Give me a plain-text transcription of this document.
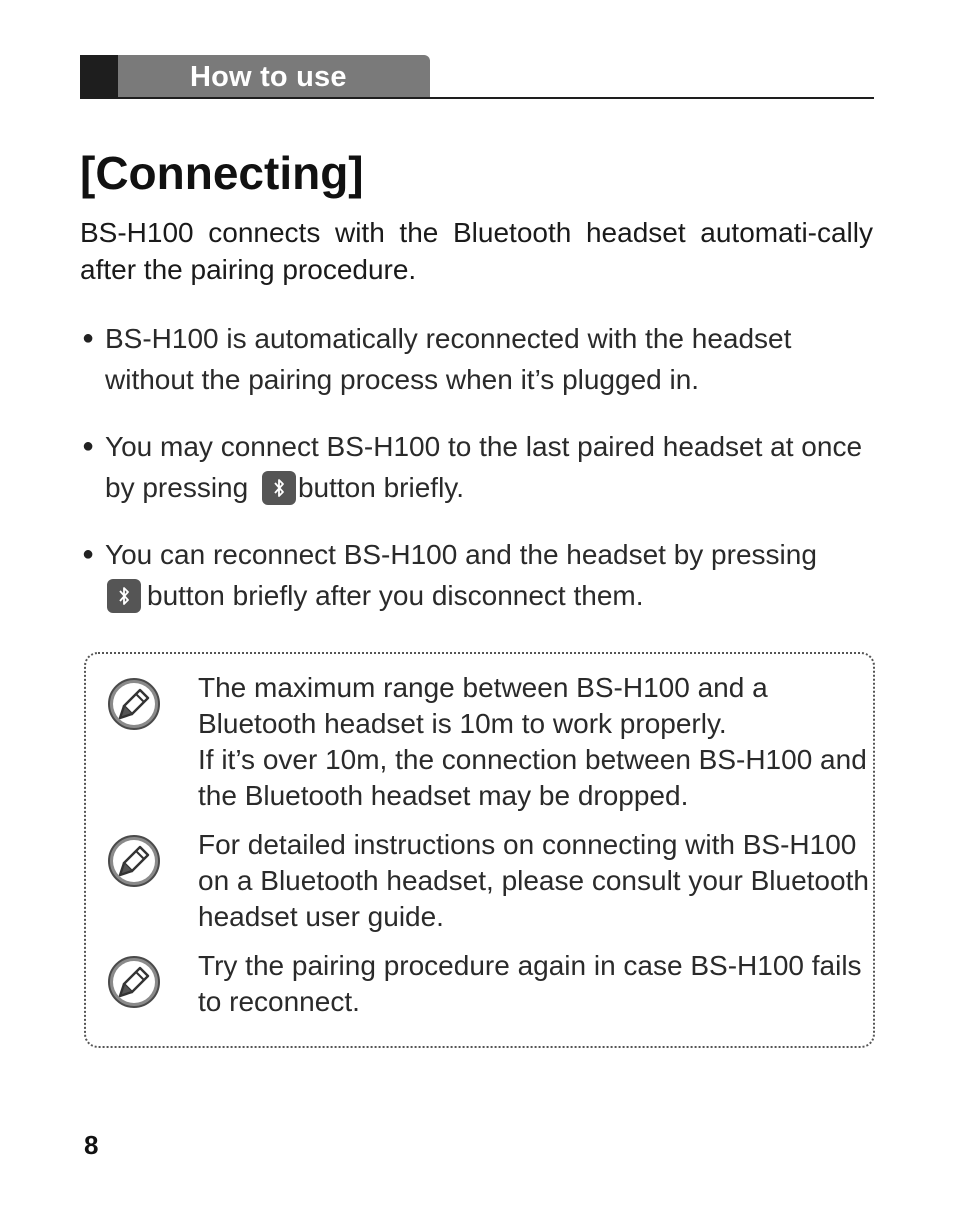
How to use
[Connecting]

BS-H100 connects with the Bluetooth headset automati-cally after the pairing procedure.

● BS-H100 is automatically reconnected with the headset without the pairing process when it’s plugged in.
● You may connect BS-H100 to the last paired headset at once by pressing
button briefly.
● You can reconnect BS-H100 and the headset by pressing

button briefly after you disconnect them.

The maximum range between BS-H100 and a Bluetooth headset is 10m to work properly.
If it’s over 10m, the connection between BS-H100 and the Bluetooth headset may be dropped.

For detailed instructions on connecting with BS-H100 on a Bluetooth headset, please consult your Bluetooth headset user guide.

Try the pairing procedure again in case BS-H100 fails to reconnect.

8
